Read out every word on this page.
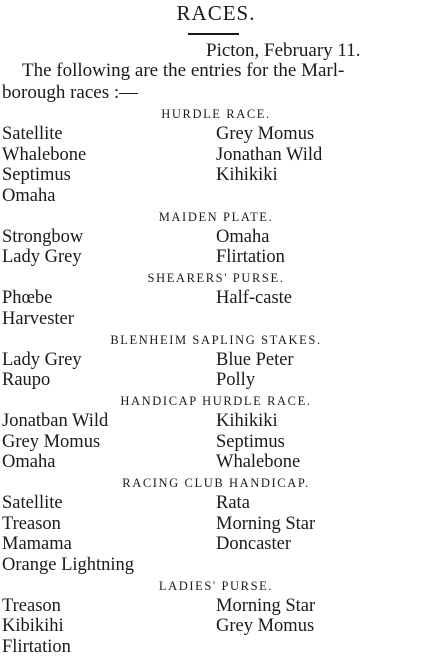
RACES.
Picton, February 11.
The following are the entries for the Marl-
borough races :—
HURDLE RACE.
Satellite	Grey Momus
Whalebone	Jonathan Wild
Septimus	Kihikiki
Omaha
MAIDEN PLATE.
Strongbow	Omaha
Lady Grey	Flirtation
SHEARERS' PURSE.
Phœbe	Half-caste
Harvester
BLENHEIM SAPLING STAKES.
Lady Grey	Blue Peter
Raupo	Polly
HANDICAP HURDLE RACE.
Jonatban Wild	Kihikiki
Grey Momus	Septimus
Omaha	Whalebone
RACING CLUB HANDICAP.
Satellite	Rata
Treason	Morning Star
Mamama	Doncaster
Orange Lightning
LADIES' PURSE.
Treason	Morning Star
Kibikihi	Grey Momus
Flirtation
